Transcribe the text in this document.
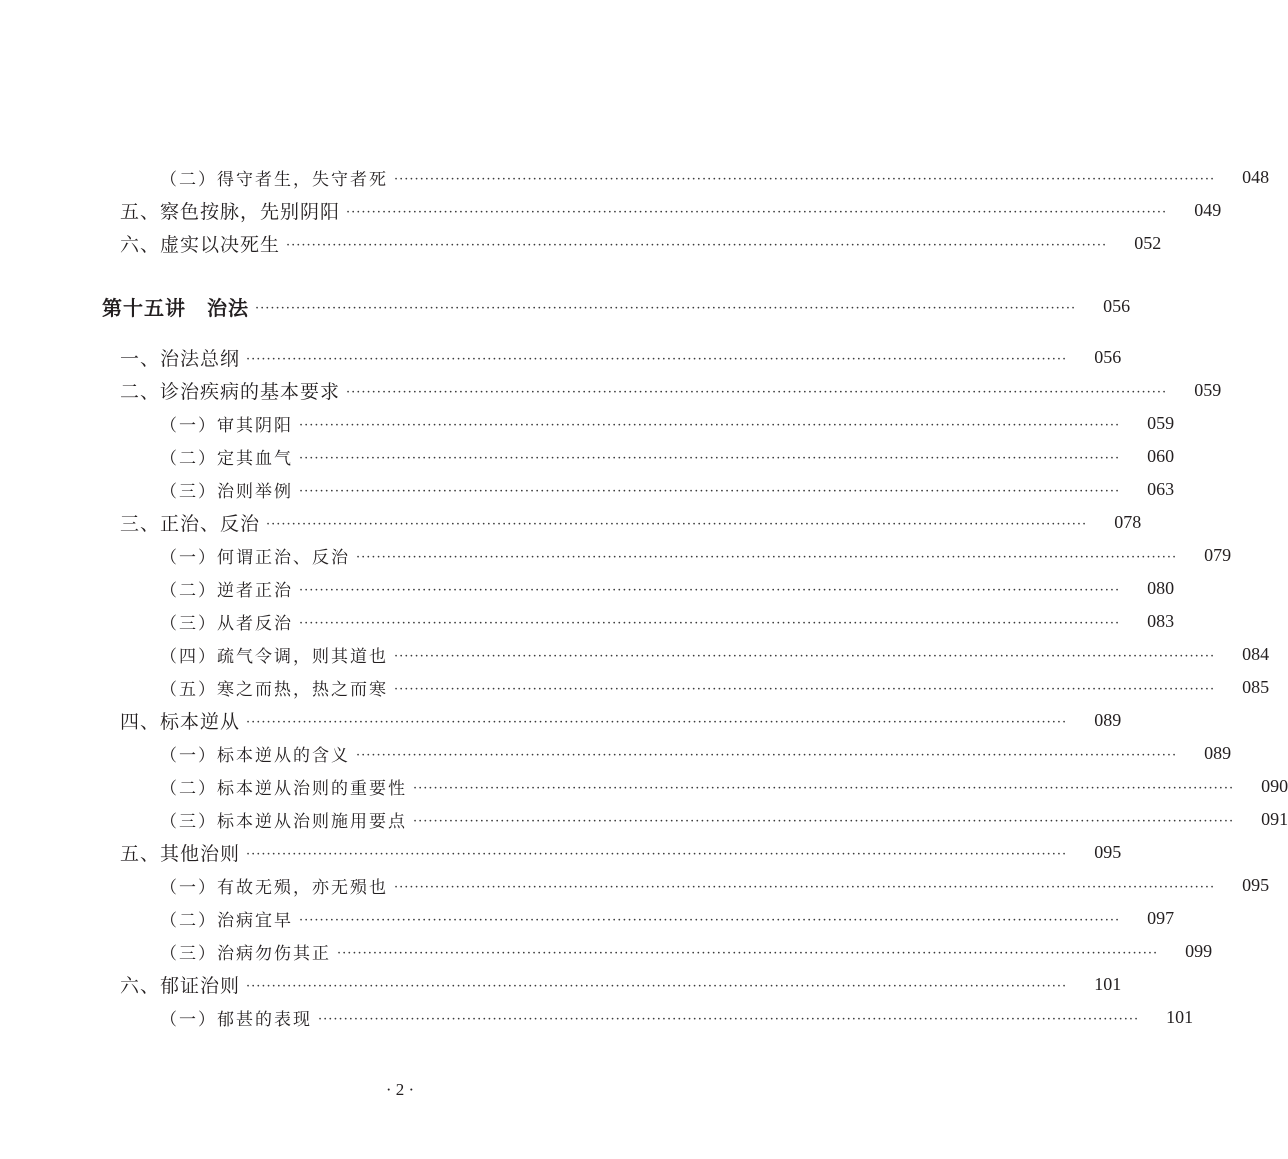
（二）得守者生，失守者死 ································································································································································	048
五、察色按脉，先别阴阳 ································································································································································	049
六、虚实以决死生 ································································································································································	052
第十五讲　治法 ································································································································································	056
一、治法总纲 ································································································································································	056
二、诊治疾病的基本要求 ································································································································································	059
（一）审其阴阳 ································································································································································	059
（二）定其血气 ································································································································································	060
（三）治则举例 ································································································································································	063
三、正治、反治 ································································································································································	078
（一）何谓正治、反治 ································································································································································	079
（二）逆者正治 ································································································································································	080
（三）从者反治 ································································································································································	083
（四）疏气令调，则其道也 ································································································································································	084
（五）寒之而热，热之而寒 ································································································································································	085
四、标本逆从 ································································································································································	089
（一）标本逆从的含义 ································································································································································	089
（二）标本逆从治则的重要性 ································································································································································	090
（三）标本逆从治则施用要点 ································································································································································	091
五、其他治则 ································································································································································	095
（一）有故无殒，亦无殒也 ································································································································································	095
（二）治病宜早 ································································································································································	097
（三）治病勿伤其正 ································································································································································	099
六、郁证治则 ································································································································································	101
（一）郁甚的表现 ································································································································································	101
· 2 ·
